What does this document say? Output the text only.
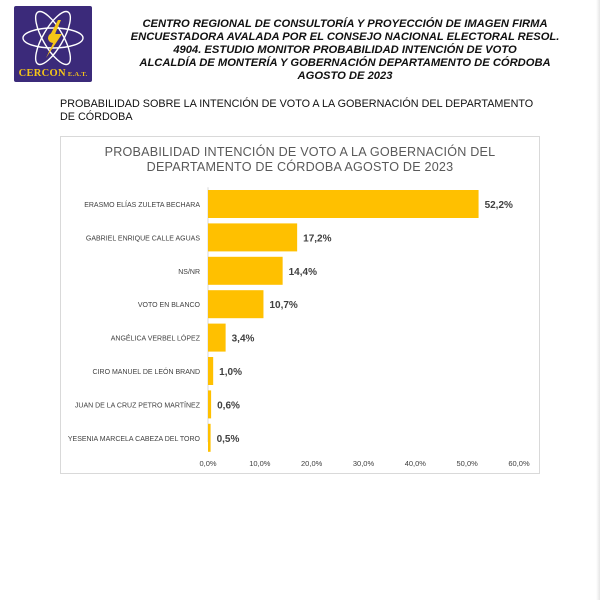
CERCON E.A.T.
CENTRO REGIONAL DE CONSULTORÍA Y PROYECCIÓN DE IMAGEN FIRMA
ENCUESTADORA AVALADA POR EL CONSEJO NACIONAL ELECTORAL RESOL.
4904. ESTUDIO MONITOR PROBABILIDAD INTENCIÓN DE VOTO
ALCALDÍA DE MONTERÍA Y GOBERNACIÓN DEPARTAMENTO DE CÓRDOBA
AGOSTO DE 2023
PROBABILIDAD SOBRE LA INTENCIÓN DE VOTO A LA GOBERNACIÓN DEL DEPARTAMENTO DE CÓRDOBA
PROBABILIDAD INTENCIÓN DE VOTO A LA GOBERNACIÓN DEL
DEPARTAMENTO DE CÓRDOBA AGOSTO DE 2023
ERASMO ELÍAS ZULETA BECHARA	52,2%
GABRIEL ENRIQUE CALLE AGUAS	17,2%
NS/NR	14,4%
VOTO EN BLANCO	10,7%
ANGÉLICA VERBEL LÓPEZ	3,4%
CIRO MANUEL DE LEÓN BRAND 1,0%
JUAN DE LA CRUZ PETRO MARTÍNEZ 0,6%
YESENIA MARCELA CABEZA DEL TORO 0,5%
0,0%	10,0%	20,0%	30,0%	40,0%	50,0%	60,0%
